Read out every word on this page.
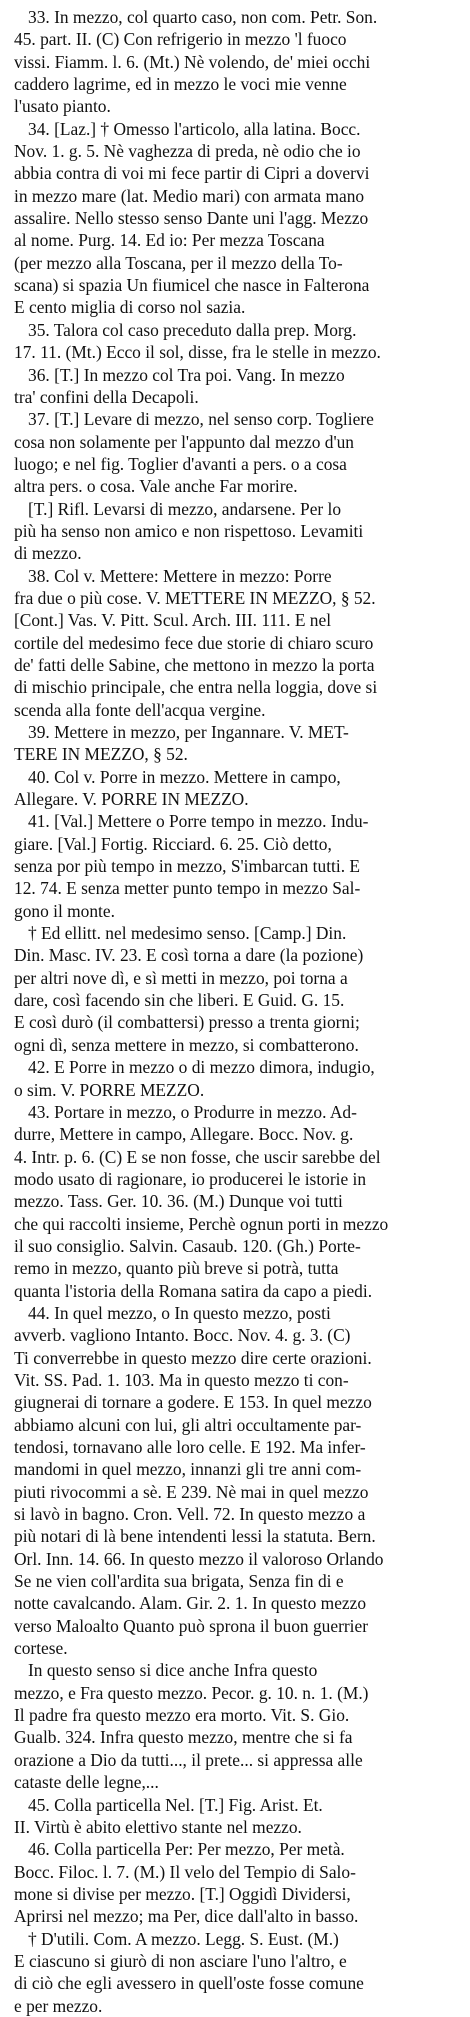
33. In mezzo, col quarto caso, non com. Petr. Son.
45. part. II. (C) Con refrigerio in mezzo 'l fuoco
vissi. Fiamm. l. 6. (Mt.) Nè volendo, de' miei occhi
caddero lagrime, ed in mezzo le voci mie venne
l'usato pianto.
34. [Laz.] † Omesso l'articolo, alla latina. Bocc.
Nov. 1. g. 5. Nè vaghezza di preda, nè odio che io
abbia contra di voi mi fece partir di Cipri a dovervi
in mezzo mare (lat. Medio mari) con armata mano
assalire. Nello stesso senso Dante uni l'agg. Mezzo
al nome. Purg. 14. Ed io: Per mezza Toscana
(per mezzo alla Toscana, per il mezzo della To-
scana) si spazia Un fiumicel che nasce in Falterona
E cento miglia di corso nol sazia.
35. Talora col caso preceduto dalla prep. Morg.
17. 11. (Mt.) Ecco il sol, disse, fra le stelle in mezzo.
36. [T.] In mezzo col Tra poi. Vang. In mezzo
tra' confini della Decapoli.
37. [T.] Levare di mezzo, nel senso corp. Togliere
cosa non solamente per l'appunto dal mezzo d'un
luogo; e nel fig. Toglier d'avanti a pers. o a cosa
altra pers. o cosa. Vale anche Far morire.
[T.] Rifl. Levarsi di mezzo, andarsene. Per lo
più ha senso non amico e non rispettoso. Levamiti
di mezzo.
38. Col v. Mettere: Mettere in mezzo: Porre
fra due o più cose. V. METTERE IN MEZZO, § 52.
[Cont.] Vas. V. Pitt. Scul. Arch. III. 111. E nel
cortile del medesimo fece due storie di chiaro scuro
de' fatti delle Sabine, che mettono in mezzo la porta
di mischio principale, che entra nella loggia, dove si
scenda alla fonte dell'acqua vergine.
39. Mettere in mezzo, per Ingannare. V. MET-
TERE IN MEZZO, § 52.
40. Col v. Porre in mezzo. Mettere in campo,
Allegare. V. PORRE IN MEZZO.
41. [Val.] Mettere o Porre tempo in mezzo. Indu-
giare. [Val.] Fortig. Ricciard. 6. 25. Ciò detto,
senza por più tempo in mezzo, S'imbarcan tutti. E
12. 74. E senza metter punto tempo in mezzo Sal-
gono il monte.
† Ed ellitt. nel medesimo senso. [Camp.] Din.
Din. Masc. IV. 23. E così torna a dare (la pozione)
per altri nove dì, e sì metti in mezzo, poi torna a
dare, così facendo sin che liberi. E Guid. G. 15.
E così durò (il combattersi) presso a trenta giorni;
ogni dì, senza mettere in mezzo, si combatterono.
42. E Porre in mezzo o di mezzo dimora, indugio,
o sim. V. PORRE MEZZO.
43. Portare in mezzo, o Produrre in mezzo. Ad-
durre, Mettere in campo, Allegare. Bocc. Nov. g.
4. Intr. p. 6. (C) E se non fosse, che uscir sarebbe del
modo usato di ragionare, io producerei le istorie in
mezzo. Tass. Ger. 10. 36. (M.) Dunque voi tutti
che qui raccolti insieme, Perchè ognun porti in mezzo
il suo consiglio. Salvin. Casaub. 120. (Gh.) Porte-
remo in mezzo, quanto più breve si potrà, tutta
quanta l'istoria della Romana satira da capo a piedi.
44. In quel mezzo, o In questo mezzo, posti
avverb. vagliono Intanto. Bocc. Nov. 4. g. 3. (C)
Ti converrebbe in questo mezzo dire certe orazioni.
Vit. SS. Pad. 1. 103. Ma in questo mezzo ti con-
giugnerai di tornare a godere. E 153. In quel mezzo
abbiamo alcuni con lui, gli altri occultamente par-
tendosi, tornavano alle loro celle. E 192. Ma infer-
mandomi in quel mezzo, innanzi gli tre anni com-
piuti rivocommi a sè. E 239. Nè mai in quel mezzo
si lavò in bagno. Cron. Vell. 72. In questo mezzo a
più notari di là bene intendenti lessi la statuta. Bern.
Orl. Inn. 14. 66. In questo mezzo il valoroso Orlando
Se ne vien coll'ardita sua brigata, Senza fin di e
notte cavalcando. Alam. Gir. 2. 1. In questo mezzo
verso Maloalto Quanto può sprona il buon guerrier
cortese.
In questo senso si dice anche Infra questo
mezzo, e Fra questo mezzo. Pecor. g. 10. n. 1. (M.)
Il padre fra questo mezzo era morto. Vit. S. Gio.
Gualb. 324. Infra questo mezzo, mentre che si fa
orazione a Dio da tutti..., il prete... si appressa alle
cataste delle legne,...
45. Colla particella Nel. [T.] Fig. Arist. Et.
II. Virtù è abito elettivo stante nel mezzo.
46. Colla particella Per: Per mezzo, Per metà.
Bocc. Filoc. l. 7. (M.) Il velo del Tempio di Salo-
mone si divise per mezzo. [T.] Oggidì Dividersi,
Aprirsi nel mezzo; ma Per, dice dall'alto in basso.
† D'utili. Com. A mezzo. Legg. S. Eust. (M.)
E ciascuno si giurò di non asciare l'uno l'altro, e
di ciò che egli avessero in quell'oste fosse comune
e per mezzo.
